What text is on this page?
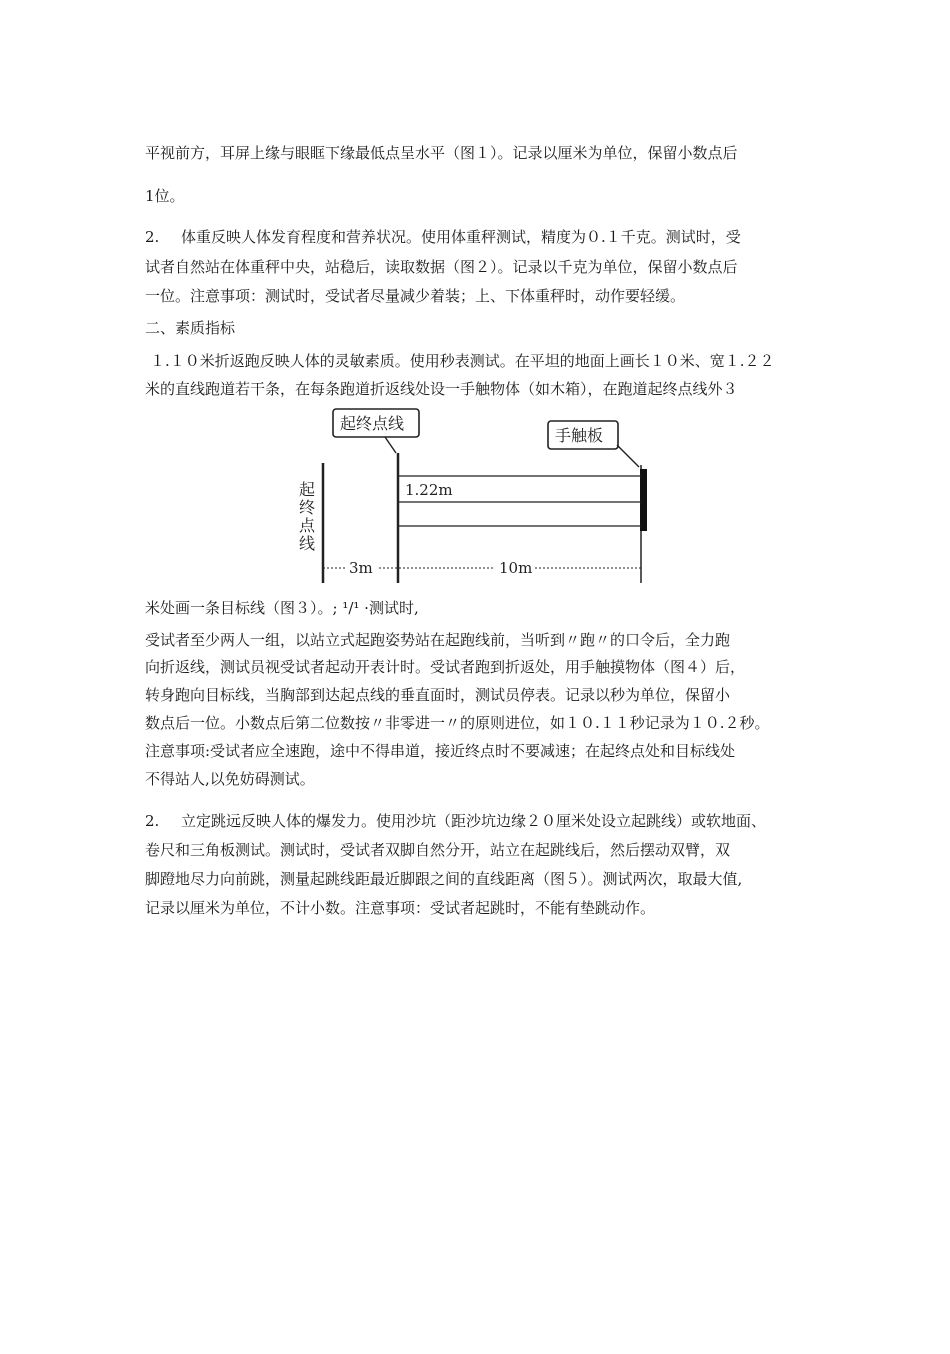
平视前方，耳屏上缘与眼眶下缘最低点呈水平（图１）。记录以厘米为单位，保留小数点后
1位。
2. 体重反映人体发育程度和营养状况。使用体重秤测试，精度为０.１千克。测试时，受
试者自然站在体重秤中央，站稳后，读取数据（图２）。记录以千克为单位，保留小数点后
一位。注意事项：测试时，受试者尽量减少着装；上、下体重秤时，动作要轻缓。
二、素质指标
１.１０米折返跑反映人体的灵敏素质。使用秒表测试。在平坦的地面上画长１０米、宽１.２２
米的直线跑道若干条，在每条跑道折返线处设一手触物体（如木箱），在跑道起终点线外３
起
终
点
线
1.22m
起终点线
手触板
3m	10m
米处画一条目标线（图３）。; ¹/¹ ·测试时,
受试者至少两人一组，以站立式起跑姿势站在起跑线前，当听到〃跑〃的口令后，全力跑
向折返线，测试员视受试者起动开表计时。受试者跑到折返处，用手触摸物体（图４）后，
转身跑向目标线，当胸部到达起点线的垂直面时，测试员停表。记录以秒为单位，保留小
数点后一位。小数点后第二位数按〃非零进一〃的原则进位，如１０.１１秒记录为１０.２秒。
注意事项:受试者应全速跑，途中不得串道，接近终点时不要减速；在起终点处和目标线处
不得站人,以免妨碍测试。
2. 立定跳远反映人体的爆发力。使用沙坑（距沙坑边缘２０厘米处设立起跳线）或软地面、
卷尺和三角板测试。测试时，受试者双脚自然分开，站立在起跳线后，然后摆动双臂，双
脚蹬地尽力向前跳，测量起跳线距最近脚跟之间的直线距离（图５）。测试两次，取最大值,
记录以厘米为单位，不计小数。注意事项：受试者起跳时，不能有垫跳动作。
